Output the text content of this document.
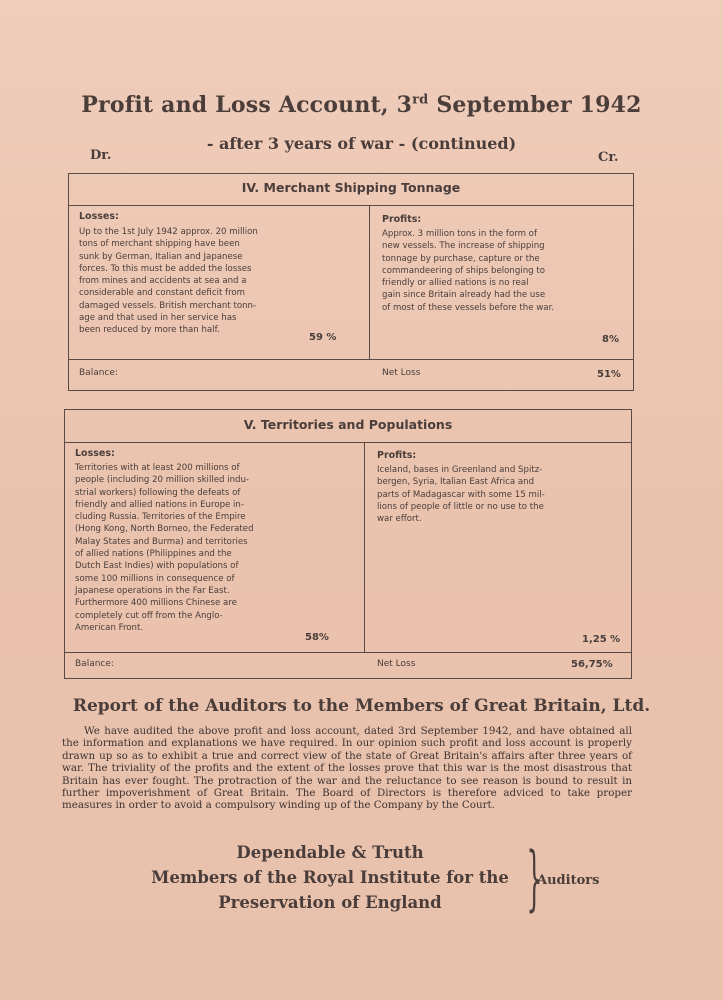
Profit and Loss Account, 3rd September 1942
- after 3 years of war - (continued)
Dr.	Cr.
IV. Merchant Shipping Tonnage
Losses:
Up to the 1st July 1942 approx. 20 million
tons of merchant shipping have been
sunk by German, Italian and Japanese
forces. To this must be added the losses
from mines and accidents at sea and a
considerable and constant deficit from
damaged vessels. British merchant tonn-
age and that used in her service has
been reduced by more than half.
59 %
Profits:
Approx. 3 million tons in the form of
new vessels. The increase of shipping
tonnage by purchase, capture or the
commandeering of ships belonging to
friendly or allied nations is no real
gain since Britain already had the use
of most of these vessels before the war.
8%
Balance:	Net Loss	51%
V. Territories and Populations
Losses:
Territories with at least 200 millions of
people (including 20 million skilled indu-
strial workers) following the defeats of
friendly and allied nations in Europe in-
cluding Russia. Territories of the Empire
(Hong Kong, North Borneo, the Federated
Malay States and Burma) and territories
of allied nations (Philippines and the
Dutch East Indies) with populations of
some 100 millions in consequence of
Japanese operations in the Far East.
Furthermore 400 millions Chinese are
completely cut off from the Anglo-
American Front.
58%
Profits:
Iceland, bases in Greenland and Spitz-
bergen, Syria, Italian East Africa and
parts of Madagascar with some 15 mil-
lions of people of little or no use to the
war effort.
1,25 %
Balance:	Net Loss	56,75%
Report of the Auditors to the Members of Great Britain, Ltd.
We have audited the above profit and loss account, dated 3rd September 1942, and have obtained all the information and explanations we have required. In our opinion such profit and loss account is properly drawn up so as to exhibit a true and correct view of the state of Great Britain's affairs after three years of war. The triviality of the profits and the extent of the losses prove that this war is the most disastrous that Britain has ever fought. The protraction of the war and the reluctance to see reason is bound to result in further impoverishment of Great Britain. The Board of Directors is therefore adviced to take proper measures in order to avoid a compulsory winding up of the Company by the Court.
Dependable & Truth
Members of the Royal Institute for the
Preservation of England	}
Auditors
